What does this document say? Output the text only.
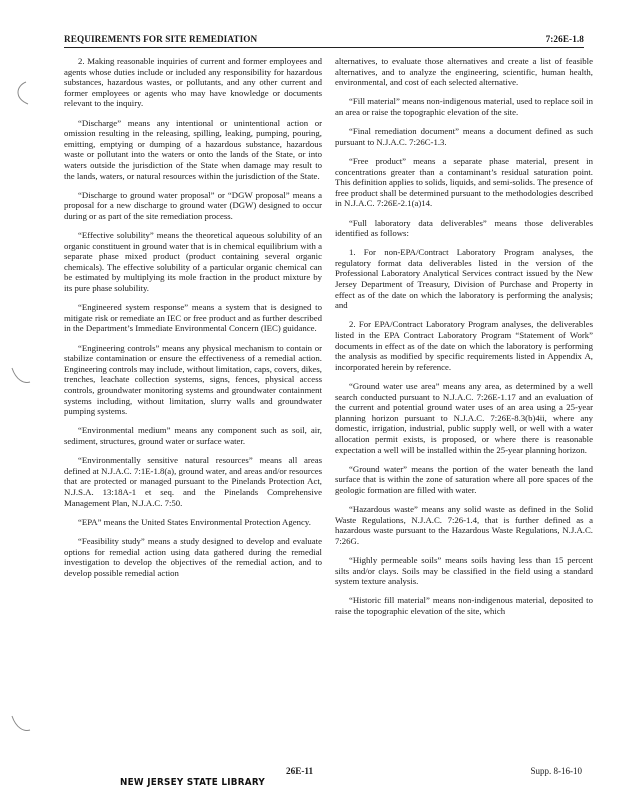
REQUIREMENTS FOR SITE REMEDIATION	7:26E-1.8

2. Making reasonable inquiries of current and former employees and agents whose duties include or included any responsibility for hazardous substances, hazardous wastes, or pollutants, and any other current and former employees or agents who may have knowledge or documents relevant to the inquiry.

“Discharge” means any intentional or unintentional action or omission resulting in the releasing, spilling, leaking, pumping, pouring, emitting, emptying or dumping of a hazardous substance, hazardous waste or pollutant into the waters or onto the lands of the State, or into waters outside the jurisdiction of the State when damage may result to the lands, waters, or natural resources within the jurisdiction of the State.

“Discharge to ground water proposal” or “DGW proposal” means a proposal for a new discharge to ground water (DGW) designed to occur during or as part of the site remediation process.

“Effective solubility” means the theoretical aqueous solubility of an organic constituent in ground water that is in chemical equilibrium with a separate phase mixed product (product containing several organic chemicals). The effective solubility of a particular organic chemical can be estimated by multiplying its mole fraction in the product mixture by its pure phase solubility.

“Engineered system response” means a system that is designed to mitigate risk or remediate an IEC or free product and as further described in the Department’s Immediate Environmental Concern (IEC) guidance.

“Engineering controls” means any physical mechanism to contain or stabilize contamination or ensure the effectiveness of a remedial action. Engineering controls may include, without limitation, caps, covers, dikes, trenches, leachate collection systems, signs, fences, physical access controls, groundwater monitoring systems and groundwater containment systems including, without limitation, slurry walls and groundwater pumping systems.

“Environmental medium” means any component such as soil, air, sediment, structures, ground water or surface water.

“Environmentally sensitive natural resources” means all areas defined at N.J.A.C. 7:1E-1.8(a), ground water, and areas and/or resources that are protected or managed pursuant to the Pinelands Protection Act, N.J.S.A. 13:18A-1 et seq. and the Pinelands Comprehensive Management Plan, N.J.A.C. 7:50.

“EPA” means the United States Environmental Protection Agency.

“Feasibility study” means a study designed to develop and evaluate options for remedial action using data gathered during the remedial investigation to develop the objectives of the remedial action, and to develop possible remedial action

alternatives, to evaluate those alternatives and create a list of feasible alternatives, and to analyze the engineering, scientific, human health, environmental, and cost of each selected alternative.

“Fill material” means non-indigenous material, used to replace soil in an area or raise the topographic elevation of the site.

“Final remediation document” means a document defined as such pursuant to N.J.A.C. 7:26C-1.3.

“Free product” means a separate phase material, present in concentrations greater than a contaminant’s residual saturation point. This definition applies to solids, liquids, and semi-solids. The presence of free product shall be determined pursuant to the methodologies described in N.J.A.C. 7:26E-2.1(a)14.

“Full laboratory data deliverables” means those deliverables identified as follows:

1. For non-EPA/Contract Laboratory Program analyses, the regulatory format data deliverables listed in the version of the Professional Laboratory Analytical Services contract issued by the New Jersey Department of Treasury, Division of Purchase and Property in effect as of the date on which the laboratory is performing the analysis; and

2. For EPA/Contract Laboratory Program analyses, the deliverables listed in the EPA Contract Laboratory Program “Statement of Work” documents in effect as of the date on which the laboratory is performing the analysis as modified by specific requirements listed in Appendix A, incorporated herein by reference.

“Ground water use area” means any area, as determined by a well search conducted pursuant to N.J.A.C. 7:26E-1.17 and an evaluation of the current and potential ground water uses of an area using a 25-year planning horizon pursuant to N.J.A.C. 7:26E-8.3(b)4ii, where any domestic, irrigation, industrial, public supply well, or well with a water allocation permit exists, is proposed, or where there is reasonable expectation a well will be installed within the 25-year planning horizon.

“Ground water” means the portion of the water beneath the land surface that is within the zone of saturation where all pore spaces of the geologic formation are filled with water.

“Hazardous waste” means any solid waste as defined in the Solid Waste Regulations, N.J.A.C. 7:26-1.4, that is further defined as a hazardous waste pursuant to the Hazardous Waste Regulations, N.J.A.C. 7:26G.

“Highly permeable soils” means soils having less than 15 percent silts and/or clays. Soils may be classified in the field using a standard system texture analysis.

“Historic fill material” means non-indigenous material, deposited to raise the topographic elevation of the site, which

NEW JERSEY STATE LIBRARY
26E-11	Supp. 8-16-10
